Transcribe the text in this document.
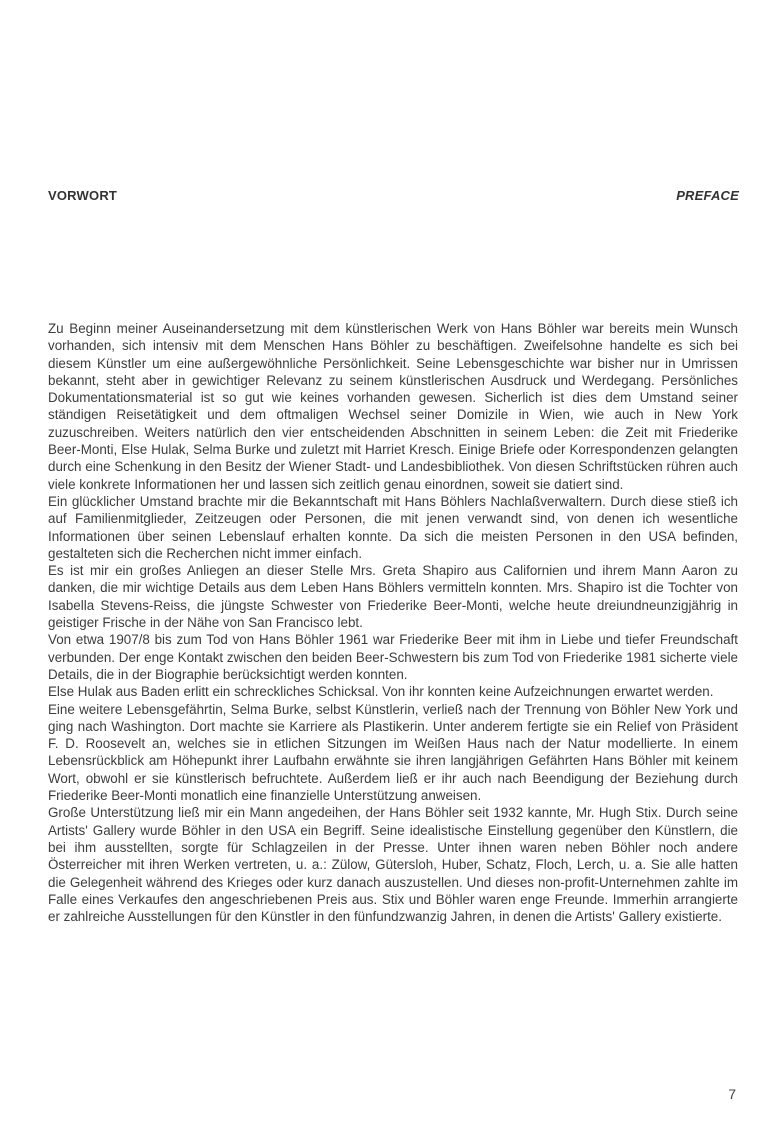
VORWORT	PREFACE

Zu Beginn meiner Auseinandersetzung mit dem künstlerischen Werk von Hans Böhler war bereits mein Wunsch vorhanden, sich intensiv mit dem Menschen Hans Böhler zu beschäftigen. Zweifelsohne handelte es sich bei diesem Künstler um eine außergewöhnliche Persönlichkeit. Seine Lebensgeschichte war bisher nur in Umrissen bekannt, steht aber in gewichtiger Relevanz zu seinem künstlerischen Ausdruck und Werdegang. Persönliches Dokumentationsmaterial ist so gut wie keines vorhanden gewesen. Sicherlich ist dies dem Umstand seiner ständigen Reisetätigkeit und dem oftmaligen Wechsel seiner Domizile in Wien, wie auch in New York zuzuschreiben. Weiters natürlich den vier entscheidenden Abschnitten in seinem Leben: die Zeit mit Friederike Beer-Monti, Else Hulak, Selma Burke und zuletzt mit Harriet Kresch. Einige Briefe oder Korrespondenzen gelangten durch eine Schenkung in den Besitz der Wiener Stadt- und Landesbibliothek. Von diesen Schriftstücken rühren auch viele konkrete Informationen her und lassen sich zeitlich genau einordnen, soweit sie datiert sind.

Ein glücklicher Umstand brachte mir die Bekanntschaft mit Hans Böhlers Nachlaßverwaltern. Durch diese stieß ich auf Familienmitglieder, Zeitzeugen oder Personen, die mit jenen verwandt sind, von denen ich wesentliche Informationen über seinen Lebenslauf erhalten konnte. Da sich die meisten Personen in den USA befinden, gestalteten sich die Recherchen nicht immer einfach.

Es ist mir ein großes Anliegen an dieser Stelle Mrs. Greta Shapiro aus Californien und ihrem Mann Aaron zu danken, die mir wichtige Details aus dem Leben Hans Böhlers vermitteln konnten. Mrs. Shapiro ist die Tochter von Isabella Stevens-Reiss, die jüngste Schwester von Friederike Beer-Monti, welche heute dreiundneunzigjährig in geistiger Frische in der Nähe von San Francisco lebt.

Von etwa 1907/8 bis zum Tod von Hans Böhler 1961 war Friederike Beer mit ihm in Liebe und tiefer Freundschaft verbunden. Der enge Kontakt zwischen den beiden Beer-Schwestern bis zum Tod von Friederike 1981 sicherte viele Details, die in der Biographie berücksichtigt werden konnten.

Else Hulak aus Baden erlitt ein schreckliches Schicksal. Von ihr konnten keine Aufzeichnungen erwartet werden.

Eine weitere Lebensgefährtin, Selma Burke, selbst Künstlerin, verließ nach der Trennung von Böhler New York und ging nach Washington. Dort machte sie Karriere als Plastikerin. Unter anderem fertigte sie ein Relief von Präsident F. D. Roosevelt an, welches sie in etlichen Sitzungen im Weißen Haus nach der Natur modellierte. In einem Lebensrückblick am Höhepunkt ihrer Laufbahn erwähnte sie ihren langjährigen Gefährten Hans Böhler mit keinem Wort, obwohl er sie künstlerisch befruchtete. Außerdem ließ er ihr auch nach Beendigung der Beziehung durch Friederike Beer-Monti monatlich eine finanzielle Unterstützung anweisen.

Große Unterstützung ließ mir ein Mann angedeihen, der Hans Böhler seit 1932 kannte, Mr. Hugh Stix. Durch seine Artists' Gallery wurde Böhler in den USA ein Begriff. Seine idealistische Einstellung gegenüber den Künstlern, die bei ihm ausstellten, sorgte für Schlagzeilen in der Presse. Unter ihnen waren neben Böhler noch andere Österreicher mit ihren Werken vertreten, u. a.: Zülow, Gütersloh, Huber, Schatz, Floch, Lerch, u. a. Sie alle hatten die Gelegenheit während des Krieges oder kurz danach auszustellen. Und dieses non-profit-Unternehmen zahlte im Falle eines Verkaufes den angeschriebenen Preis aus. Stix und Böhler waren enge Freunde. Immerhin arrangierte er zahlreiche Ausstellungen für den Künstler in den fünfundzwanzig Jahren, in denen die Artists' Gallery existierte.

7
